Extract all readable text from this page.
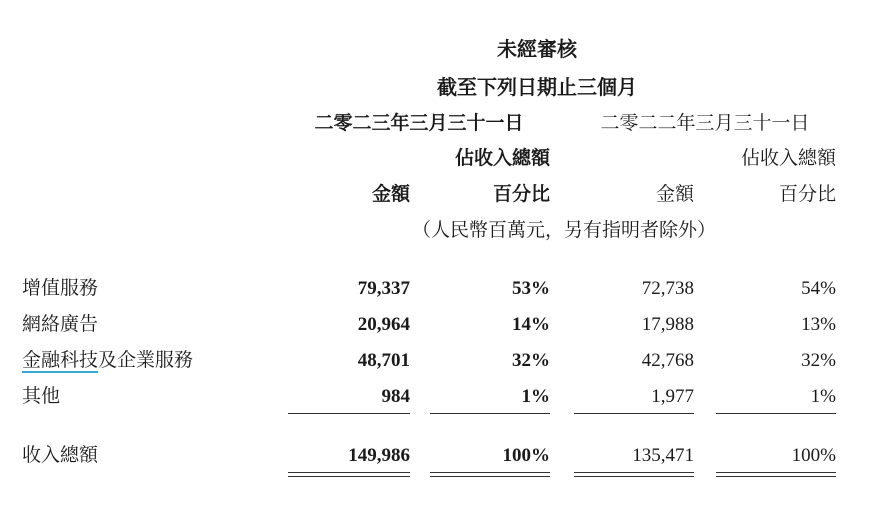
未經審核
截至下列日期止三個月
二零二三年三月三十一日	二零二二年三月三十一日
佔收入總額	佔收入總額
金額	百分比	金額	百分比
（人民幣百萬元，另有指明者除外）
增值服務	79,337	53%	72,738	54%
網絡廣告	20,964	14%	17,988	13%
金融科技及企業服務	48,701	32%	42,768	32%
其他	984	1%	1,977	1%
收入總額	149,986	100%	135,471	100%
